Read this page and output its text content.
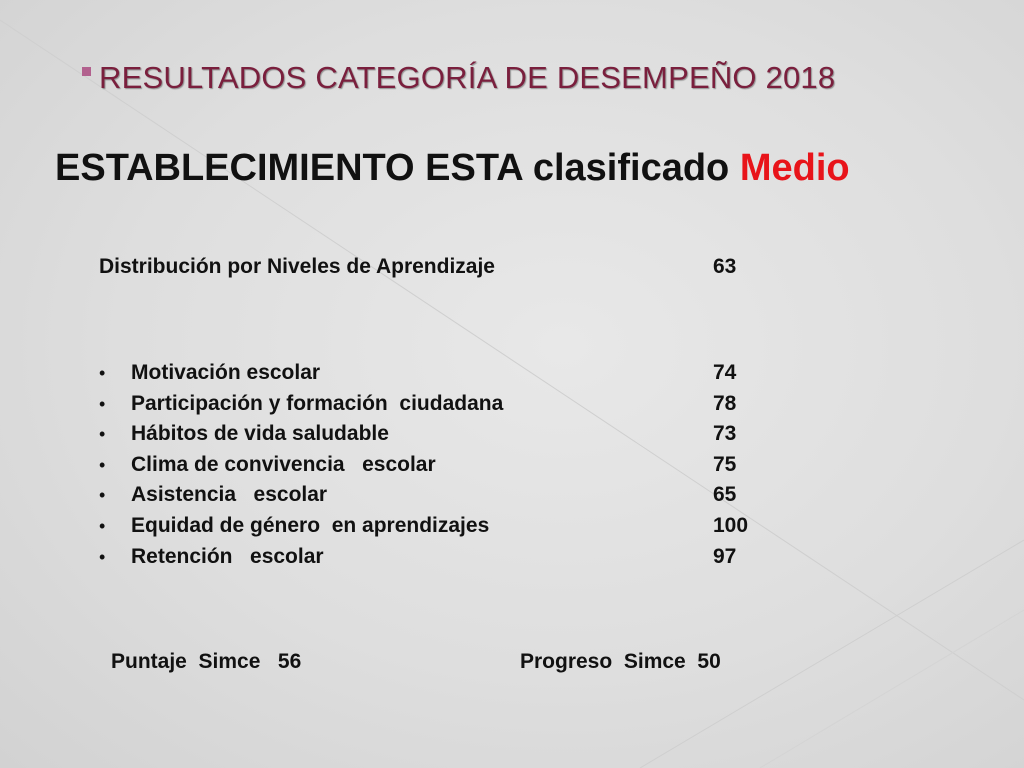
RESULTADOS CATEGORÍA DE DESEMPEÑO 2018
ESTABLECIMIENTO ESTA clasificado Medio
Distribución por Niveles de Aprendizaje	63
• Motivación escolar	74
• Participación y formación  ciudadana	78
• Hábitos de vida saludable	73
• Clima de convivencia   escolar	75
• Asistencia   escolar	65
• Equidad de género  en aprendizajes	100
• Retención   escolar	97
Puntaje  Simce   56	Progreso  Simce  50
